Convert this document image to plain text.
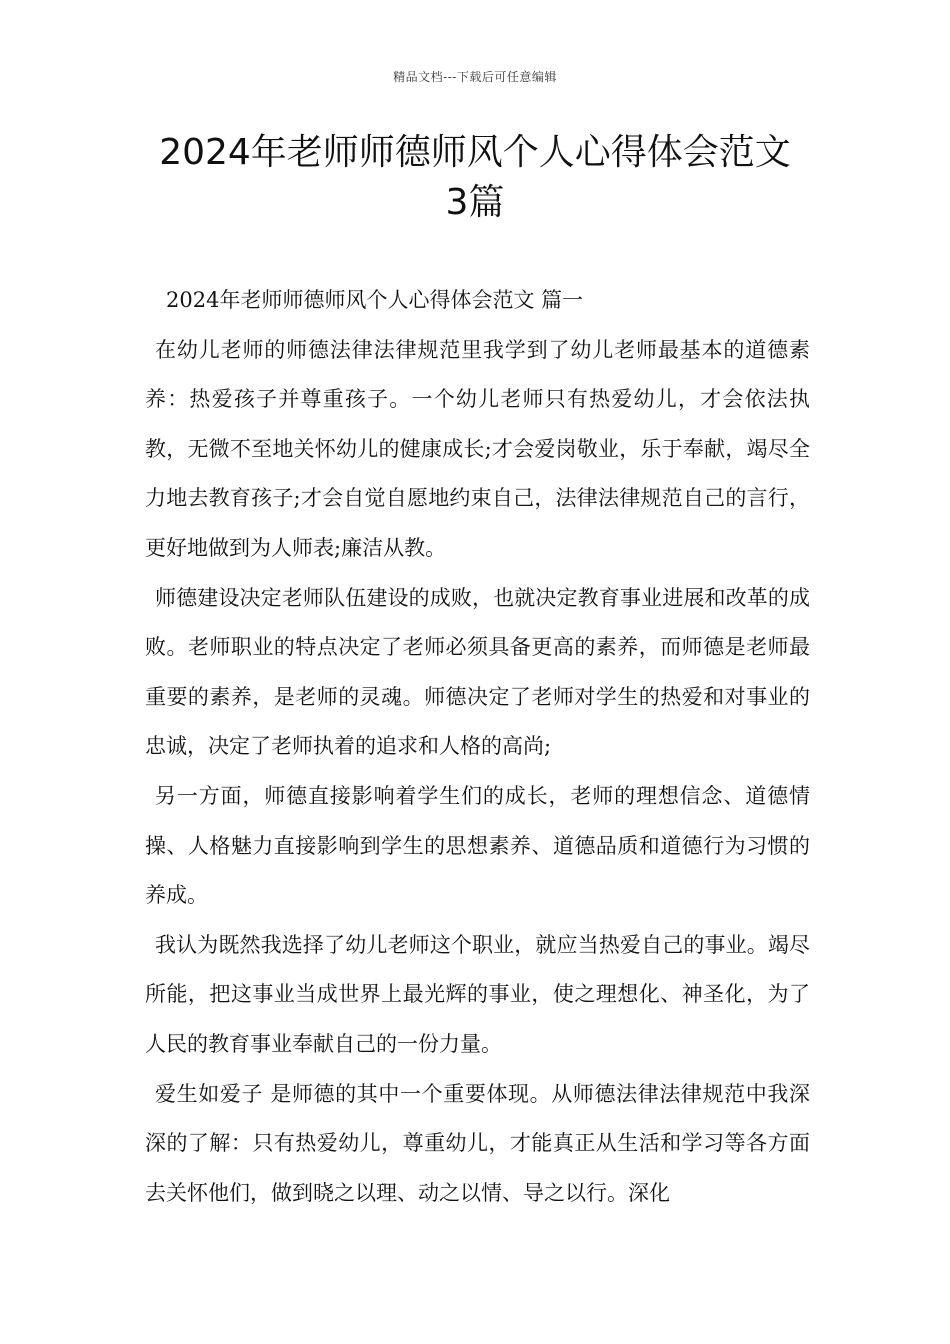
精品文档---下载后可任意编辑
2024年老师师德师风个人心得体会范文
3篇
2024年老师师德师风个人心得体会范文 篇一

在幼儿老师的师德法律法律规范里我学到了幼儿老师最基本的道德素养：热爱孩子并尊重孩子。一个幼儿老师只有热爱幼儿，才会依法执教，无微不至地关怀幼儿的健康成长;才会爱岗敬业，乐于奉献，竭尽全力地去教育孩子;才会自觉自愿地约束自己，法律法律规范自己的言行，更好地做到为人师表;廉洁从教。

师德建设决定老师队伍建设的成败，也就决定教育事业进展和改革的成败。老师职业的特点决定了老师必须具备更高的素养，而师德是老师最重要的素养，是老师的灵魂。师德决定了老师对学生的热爱和对事业的忠诚，决定了老师执着的追求和人格的高尚;

另一方面，师德直接影响着学生们的成长，老师的理想信念、道德情操、人格魅力直接影响到学生的思想素养、道德品质和道德行为习惯的养成。

我认为既然我选择了幼儿老师这个职业，就应当热爱自己的事业。竭尽所能，把这事业当成世界上最光辉的事业，使之理想化、神圣化，为了人民的教育事业奉献自己的一份力量。

爱生如爱子 是师德的其中一个重要体现。从师德法律法律规范中我深深的了解：只有热爱幼儿，尊重幼儿，才能真正从生活和学习等各方面去关怀他们，做到晓之以理、动之以情、导之以行。深化
